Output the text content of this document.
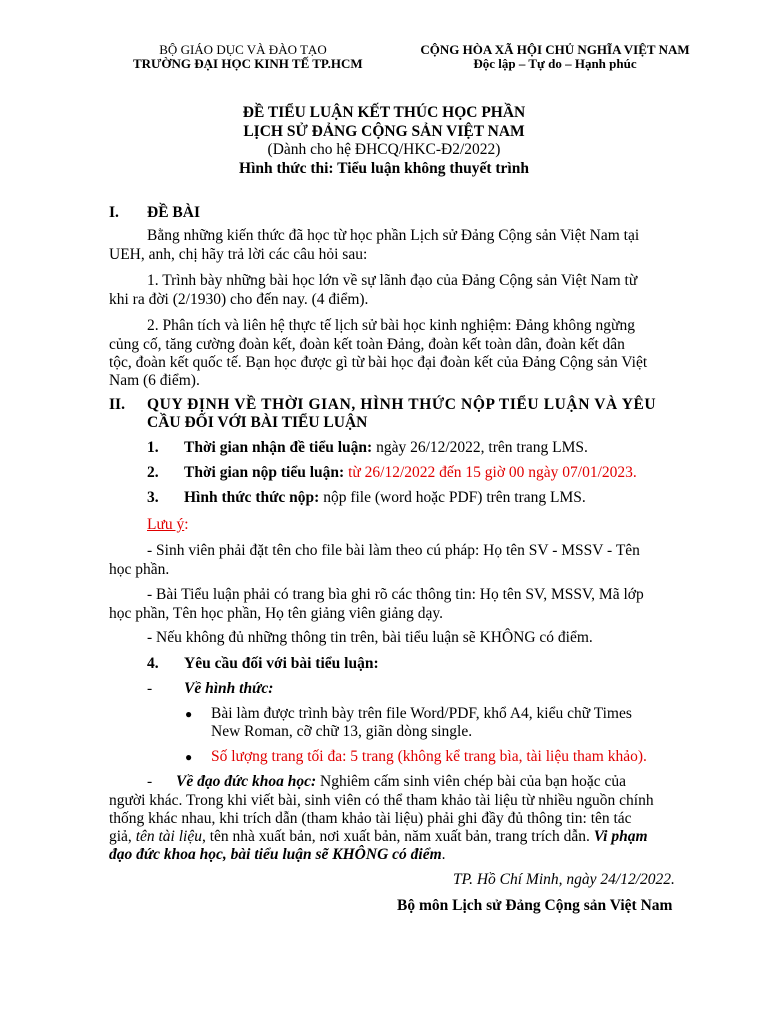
BỘ GIÁO DỤC VÀ ĐÀO TẠO
TRƯỜNG ĐẠI HỌC KINH TẾ TP.HCM
CỘNG HÒA XÃ HỘI CHỦ NGHĨA VIỆT NAM
Độc lập – Tự do – Hạnh phúc
ĐỀ TIỂU LUẬN KẾT THÚC HỌC PHẦN
LỊCH SỬ ĐẢNG CỘNG SẢN VIỆT NAM
(Dành cho hệ ĐHCQ/HKC-Đ2/2022)
Hình thức thi: Tiểu luận không thuyết trình
I. ĐỀ BÀI
Bằng những kiến thức đã học từ học phần Lịch sử Đảng Cộng sản Việt Nam tại
UEH, anh, chị hãy trả lời các câu hỏi sau:
1. Trình bày những bài học lớn về sự lãnh đạo của Đảng Cộng sản Việt Nam từ
khi ra đời (2/1930) cho đến nay. (4 điểm).
2. Phân tích và liên hệ thực tế lịch sử bài học kinh nghiệm: Đảng không ngừng
củng cố, tăng cường đoàn kết, đoàn kết toàn Đảng, đoàn kết toàn dân, đoàn kết dân
tộc, đoàn kết quốc tế. Bạn học được gì từ bài học đại đoàn kết của Đảng Cộng sản Việt
Nam (6 điểm).
II. QUY ĐỊNH VỀ THỜI GIAN, HÌNH THỨC NỘP TIỂU LUẬN VÀ YÊU
CẦU ĐỐI VỚI BÀI TIỂU LUẬN
1. Thời gian nhận đề tiểu luận: ngày 26/12/2022, trên trang LMS.
2. Thời gian nộp tiểu luận: từ 26/12/2022 đến 15 giờ 00 ngày 07/01/2023.
3. Hình thức thức nộp: nộp file (word hoặc PDF) trên trang LMS.
Lưu ý:
- Sinh viên phải đặt tên cho file bài làm theo cú pháp: Họ tên SV - MSSV - Tên
học phần.
- Bài Tiểu luận phải có trang bìa ghi rõ các thông tin: Họ tên SV, MSSV, Mã lớp
học phần, Tên học phần, Họ tên giảng viên giảng dạy.
- Nếu không đủ những thông tin trên, bài tiểu luận sẽ KHÔNG có điểm.
4. Yêu cầu đối với bài tiểu luận:
- Về hình thức:
● Bài làm được trình bày trên file Word/PDF, khổ A4, kiểu chữ Times
New Roman, cỡ chữ 13, giãn dòng single.
● Số lượng trang tối đa: 5 trang (không kể trang bìa, tài liệu tham khảo).
- Về đạo đức khoa học: Nghiêm cấm sinh viên chép bài của bạn hoặc của
người khác. Trong khi viết bài, sinh viên có thể tham khảo tài liệu từ nhiều nguồn chính
thống khác nhau, khi trích dẫn (tham khảo tài liệu) phải ghi đầy đủ thông tin: tên tác
giả, tên tài liệu, tên nhà xuất bản, nơi xuất bản, năm xuất bản, trang trích dẫn. Vi phạm
đạo đức khoa học, bài tiểu luận sẽ KHÔNG có điểm.
TP. Hồ Chí Minh, ngày 24/12/2022.
Bộ môn Lịch sử Đảng Cộng sản Việt Nam
